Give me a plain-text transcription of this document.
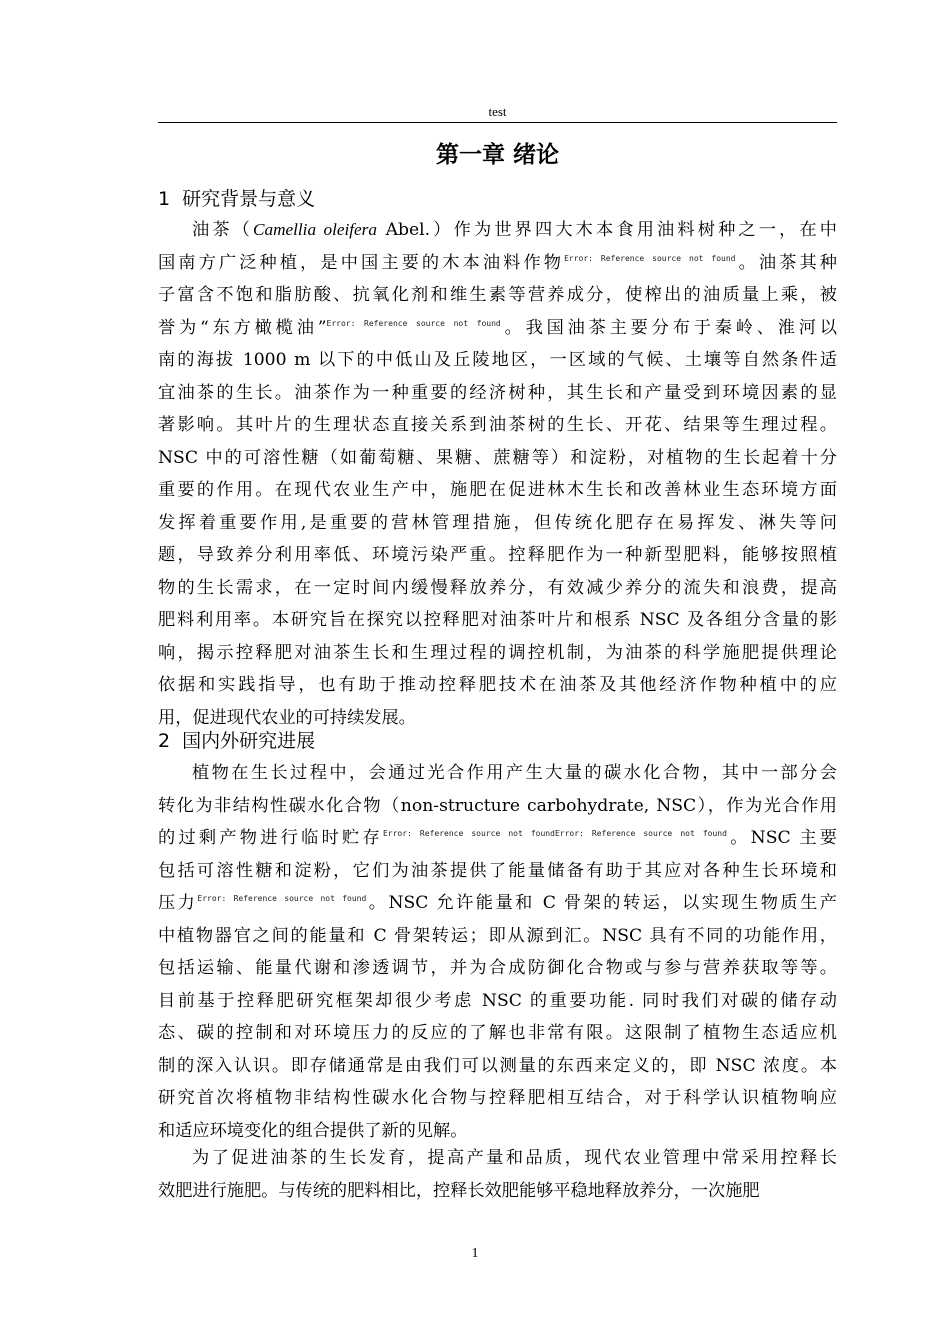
test
第一章 绪论
1 研究背景与意义
油茶（Camellia oleifera Abel.）作为世界四大木本食用油料树种之一，在中
国南方广泛种植，是中国主要的木本油料作物$^{Error: Reference source not found}$。油茶其种
子富含不饱和脂肪酸、抗氧化剂和维生素等营养成分，使榨出的油质量上乘，被
誉为“东方橄榄油”$^{Error: Reference source not found}$。我国油茶主要分布于秦岭、淮河以
南的海拔 1000 m 以下的中低山及丘陵地区，一区域的气候、土壤等自然条件适
宜油茶的生长。油茶作为一种重要的经济树种，其生长和产量受到环境因素的显
著影响。其叶片的生理状态直接关系到油茶树的生长、开花、结果等生理过程。
NSC 中的可溶性糖（如葡萄糖、果糖、蔗糖等）和淀粉，对植物的生长起着十分
重要的作用。在现代农业生产中，施肥在促进林木生长和改善林业生态环境方面
发挥着重要作用,是重要的营林管理措施，但传统化肥存在易挥发、淋失等问
题，导致养分利用率低、环境污染严重。控释肥作为一种新型肥料，能够按照植
物的生长需求，在一定时间内缓慢释放养分，有效减少养分的流失和浪费，提高
肥料利用率。本研究旨在探究以控释肥对油茶叶片和根系 NSC 及各组分含量的影
响，揭示控释肥对油茶生长和生理过程的调控机制，为油茶的科学施肥提供理论
依据和实践指导，也有助于推动控释肥技术在油茶及其他经济作物种植中的应
用，促进现代农业的可持续发展。
2 国内外研究进展
植物在生长过程中，会通过光合作用产生大量的碳水化合物，其中一部分会
转化为非结构性碳水化合物（non-structure carbohydrate, NSC），作为光合作用
的过剩产物进行临时贮存$^{Error: Reference source not foundError: Reference source not found}$。NSC 主要
包括可溶性糖和淀粉，它们为油茶提供了能量储备有助于其应对各种生长环境和
压力$^{Error: Reference source not found}$。NSC 允许能量和 C 骨架的转运，以实现生物质生产
中植物器官之间的能量和 C 骨架转运；即从源到汇。NSC 具有不同的功能作用，
包括运输、能量代谢和渗透调节，并为合成防御化合物或与参与营养获取等等。
目前基于控释肥研究框架却很少考虑 NSC 的重要功能. 同时我们对碳的储存动
态、碳的控制和对环境压力的反应的了解也非常有限。这限制了植物生态适应机
制的深入认识。即存储通常是由我们可以测量的东西来定义的，即 NSC 浓度。本
研究首次将植物非结构性碳水化合物与控释肥相互结合，对于科学认识植物响应
和适应环境变化的组合提供了新的见解。
为了促进油茶的生长发育，提高产量和品质，现代农业管理中常采用控释长
效肥进行施肥。与传统的肥料相比，控释长效肥能够平稳地释放养分，一次施肥
1
